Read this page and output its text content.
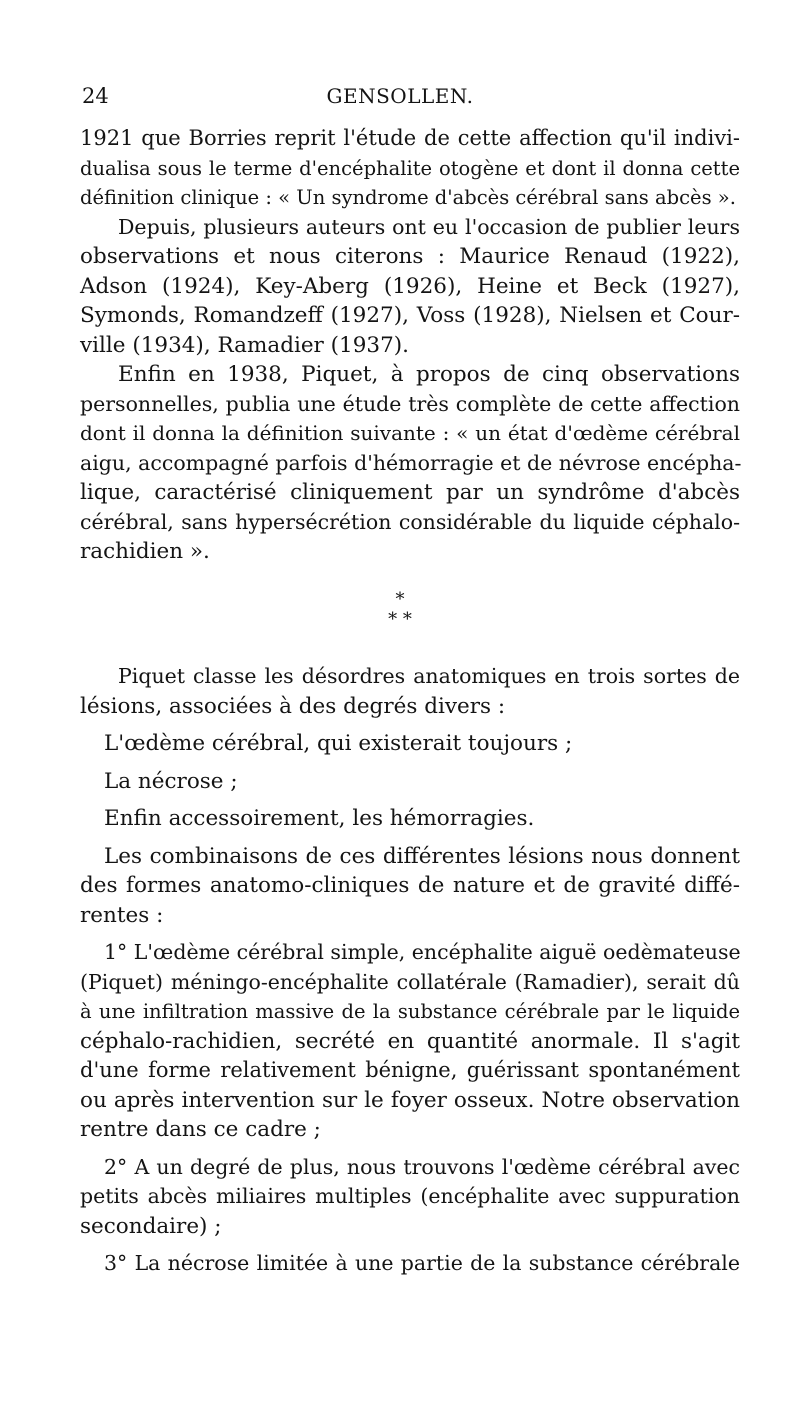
24	GENSOLLEN.
1921 que Borries reprit l'étude de cette affection qu'il indivi-
dualisa sous le terme d'encéphalite otogène et dont il donna cette
définition clinique : « Un syndrome d'abcès cérébral sans abcès ».
Depuis, plusieurs auteurs ont eu l'occasion de publier leurs
observations et nous citerons : Maurice Renaud (1922),
Adson (1924), Key-Aberg (1926), Heine et Beck (1927),
Symonds, Romandzeff (1927), Voss (1928), Nielsen et Cour-
ville (1934), Ramadier (1937).
Enfin en 1938, Piquet, à propos de cinq observations
personnelles, publia une étude très complète de cette affection
dont il donna la définition suivante : « un état d'œdème cérébral
aigu, accompagné parfois d'hémorragie et de névrose encépha-
lique, caractérisé cliniquement par un syndrôme d'abcès
cérébral, sans hypersécrétion considérable du liquide céphalo-
rachidien ».
*
* *
Piquet classe les désordres anatomiques en trois sortes de
lésions, associées à des degrés divers :
L'œdème cérébral, qui existerait toujours ;
La nécrose ;
Enfin accessoirement, les hémorragies.
Les combinaisons de ces différentes lésions nous donnent
des formes anatomo-cliniques de nature et de gravité diffé-
rentes :
1° L'œdème cérébral simple, encéphalite aiguë oedèmateuse
(Piquet) méningo-encéphalite collatérale (Ramadier), serait dû
à une infiltration massive de la substance cérébrale par le liquide
céphalo-rachidien, secrété en quantité anormale. Il s'agit
d'une forme relativement bénigne, guérissant spontanément
ou après intervention sur le foyer osseux. Notre observation
rentre dans ce cadre ;
2° A un degré de plus, nous trouvons l'œdème cérébral avec
petits abcès miliaires multiples (encéphalite avec suppuration
secondaire) ;
3° La nécrose limitée à une partie de la substance cérébrale
